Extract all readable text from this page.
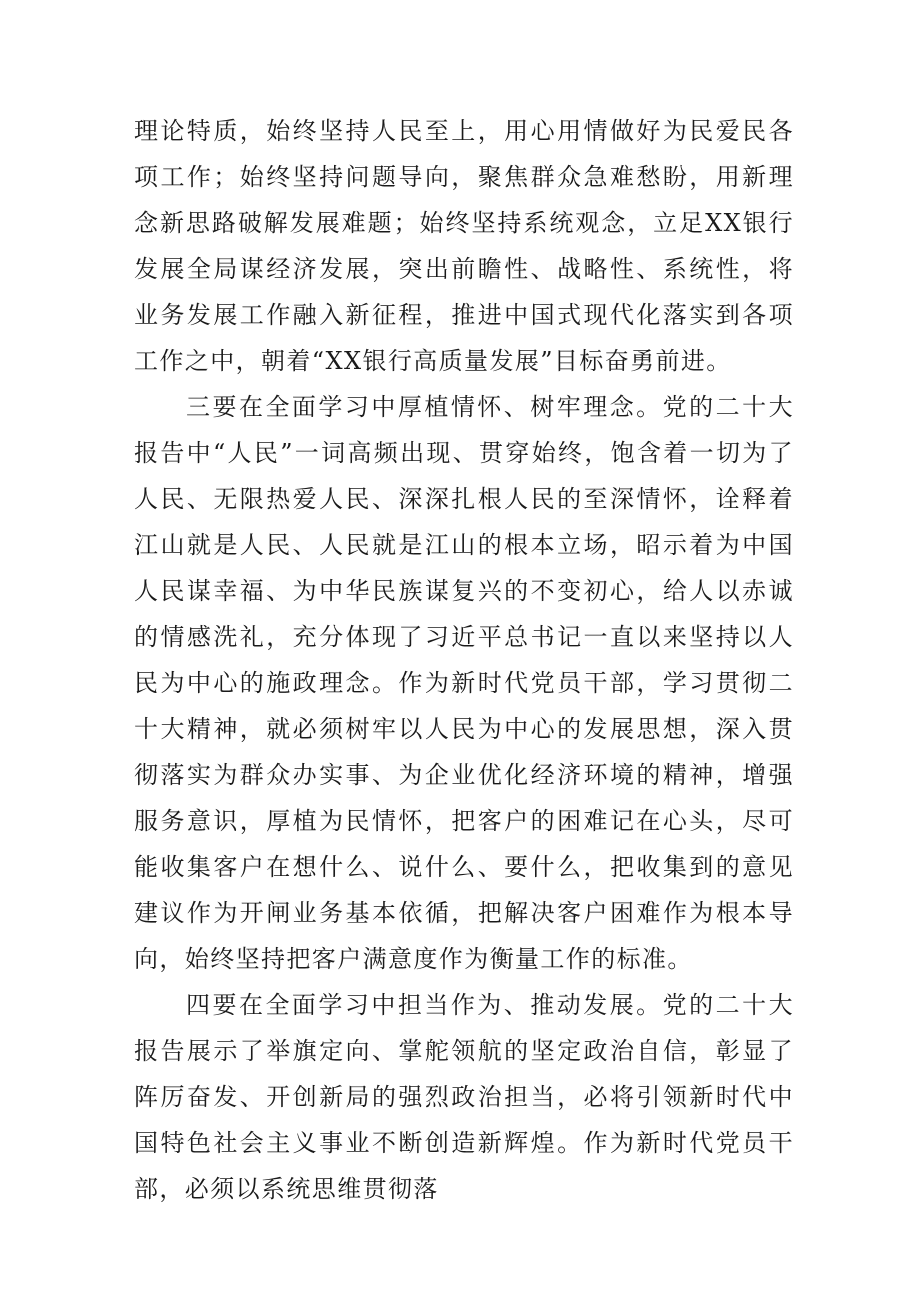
理论特质，始终坚持人民至上，用心用情做好为民爱民各项工作；始终坚持问题导向，聚焦群众急难愁盼，用新理念新思路破解发展难题；始终坚持系统观念，立足XX银行发展全局谋经济发展，突出前瞻性、战略性、系统性，将业务发展工作融入新征程，推进中国式现代化落实到各项工作之中，朝着“XX银行高质量发展”目标奋勇前进。

三要在全面学习中厚植情怀、树牢理念。党的二十大报告中“人民”一词高频出现、贯穿始终，饱含着一切为了人民、无限热爱人民、深深扎根人民的至深情怀，诠释着江山就是人民、人民就是江山的根本立场，昭示着为中国人民谋幸福、为中华民族谋复兴的不变初心，给人以赤诚的情感洗礼，充分体现了习近平总书记一直以来坚持以人民为中心的施政理念。作为新时代党员干部，学习贯彻二十大精神，就必须树牢以人民为中心的发展思想，深入贯彻落实为群众办实事、为企业优化经济环境的精神，增强服务意识，厚植为民情怀，把客户的困难记在心头，尽可能收集客户在想什么、说什么、要什么，把收集到的意见建议作为开闸业务基本依循，把解决客户困难作为根本导向，始终坚持把客户满意度作为衡量工作的标准。

四要在全面学习中担当作为、推动发展。党的二十大报告展示了举旗定向、掌舵领航的坚定政治自信，彰显了阵厉奋发、开创新局的强烈政治担当，必将引领新时代中国特色社会主义事业不断创造新辉煌。作为新时代党员干部，必须以系统思维贯彻落
